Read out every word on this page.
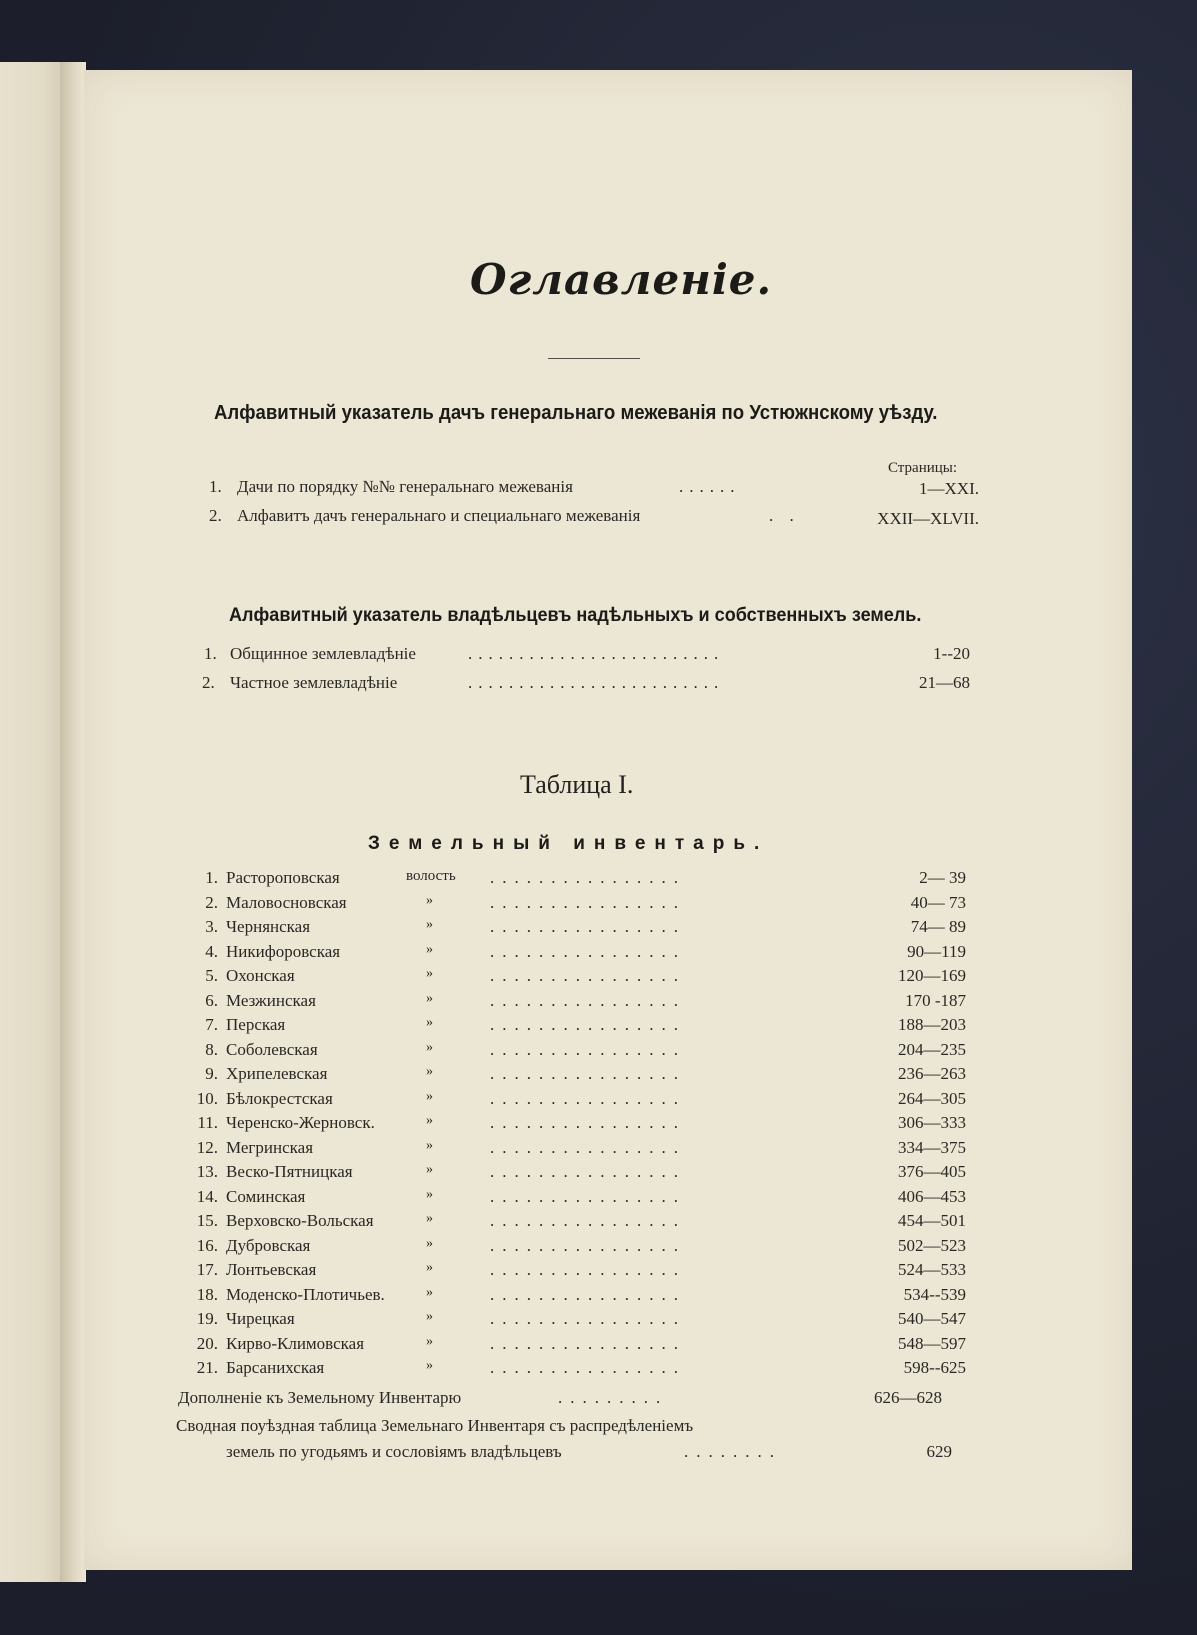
Оглавленіе.
Алфавитный указатель дачъ генеральнаго межеванія по Устюжнскому уѣзду.
Страницы:
1. Дачи по порядку №№ генеральнаго межеванія	......	1—XXI.
2. Алфавитъ дачъ генеральнаго и специальнаго межеванія	. .	XXII—XLVII.
Алфавитный указатель владѣльцевъ надѣльныхъ и собственныхъ земель.
1. Общинное землевладѣніе	.........................	1--20
2. Частное землевладѣніе	.........................	21—68
Таблица I.
Земельный инвентарь.
1. Растороповская	волость ................	2— 39
2. Маловосновская	»	................	40— 73
3. Чернянская	»	................	74— 89
4. Никифоровская	»	................	90—119
5. Охонская	»	................	120—169
6. Мезжинская	»	................	170 -187
7. Перская	»	................	188—203
8. Соболевская	»	................	204—235
9. Хрипелевская	»	................	236—263
10. Бѣлокрестская	»	................	264—305
11. Черенско-Жерновск.	»	................	306—333
12. Мегринская	»	................	334—375
13. Веско-Пятницкая	»	................	376—405
14. Соминская	»	................	406—453
15. Верховско-Вольская	»	................	454—501
16. Дубровская	»	................	502—523
17. Лонтьевская	»	................	524—533
18. Моденско-Плотичьев.	»	................	534--539
19. Чирецкая	»	................	540—547
20. Кирво-Климовская	»	................	548—597
21. Барсанихская	»	................	598--625
Дополненіе къ Земельному Инвентарю	.........	626—628
Сводная поуѣздная таблица Земельнаго Инвентаря съ распредѣленіемъ
земель по угодьямъ и сословіямъ владѣльцевъ	........	629
